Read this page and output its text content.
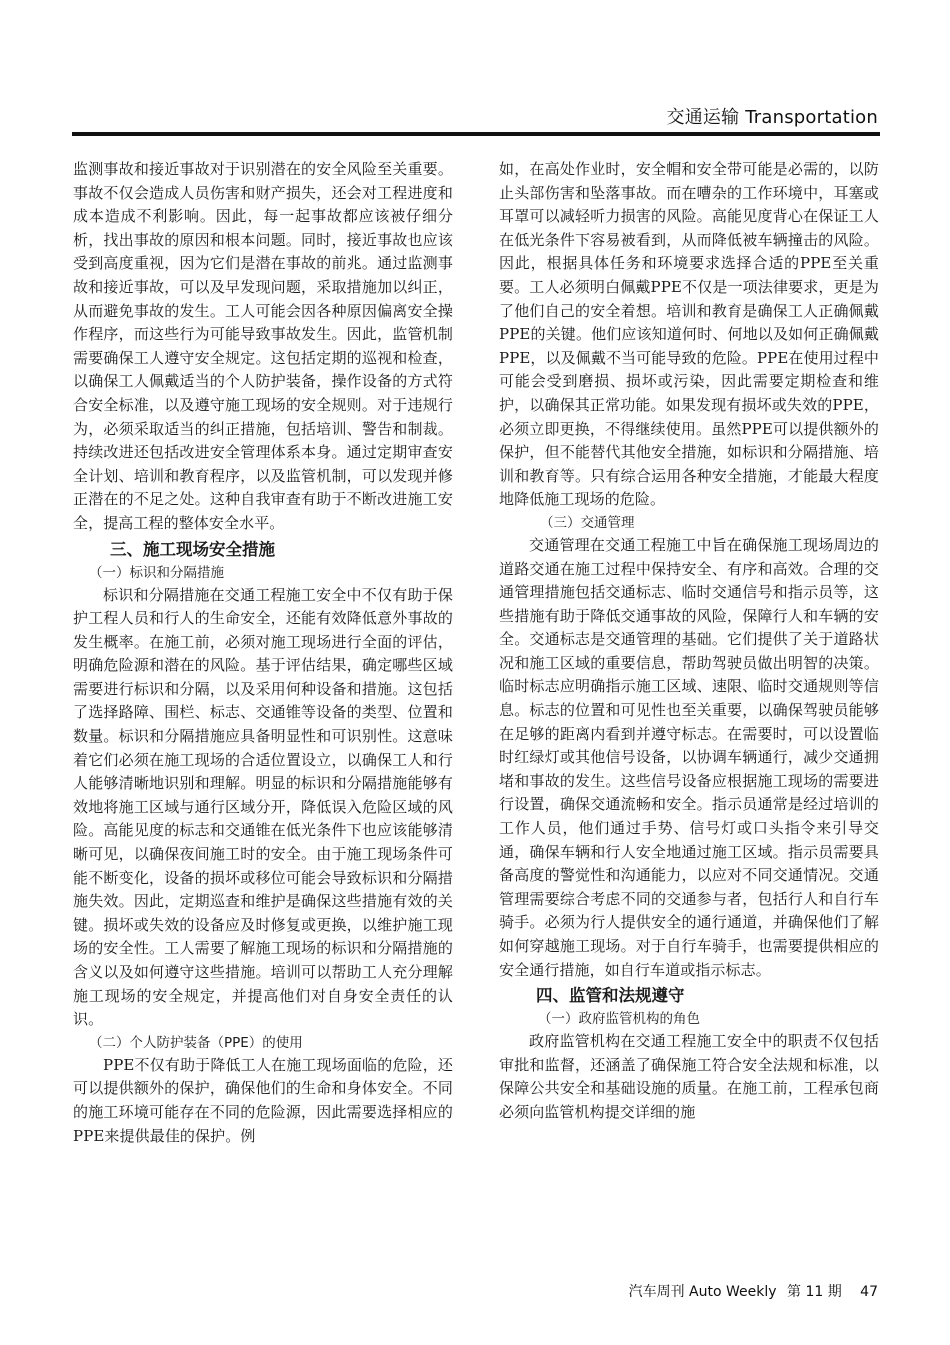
交通运输 Transportation

监测事故和接近事故对于识别潜在的安全风险至关重要。事故不仅会造成人员伤害和财产损失，还会对工程进度和成本造成不利影响。因此，每一起事故都应该被仔细分析，找出事故的原因和根本问题。同时，接近事故也应该受到高度重视，因为它们是潜在事故的前兆。通过监测事故和接近事故，可以及早发现问题，采取措施加以纠正，从而避免事故的发生。工人可能会因各种原因偏离安全操作程序，而这些行为可能导致事故发生。因此，监管机制需要确保工人遵守安全规定。这包括定期的巡视和检查，以确保工人佩戴适当的个人防护装备，操作设备的方式符合安全标准，以及遵守施工现场的安全规则。对于违规行为，必须采取适当的纠正措施，包括培训、警告和制裁。持续改进还包括改进安全管理体系本身。通过定期审查安全计划、培训和教育程序，以及监管机制，可以发现并修正潜在的不足之处。这种自我审查有助于不断改进施工安全，提高工程的整体安全水平。

三、施工现场安全措施
（一）标识和分隔措施

标识和分隔措施在交通工程施工安全中不仅有助于保护工程人员和行人的生命安全，还能有效降低意外事故的发生概率。在施工前，必须对施工现场进行全面的评估，明确危险源和潜在的风险。基于评估结果，确定哪些区域需要进行标识和分隔，以及采用何种设备和措施。这包括了选择路障、围栏、标志、交通锥等设备的类型、位置和数量。标识和分隔措施应具备明显性和可识别性。这意味着它们必须在施工现场的合适位置设立，以确保工人和行人能够清晰地识别和理解。明显的标识和分隔措施能够有效地将施工区域与通行区域分开，降低误入危险区域的风险。高能见度的标志和交通锥在低光条件下也应该能够清晰可见，以确保夜间施工时的安全。由于施工现场条件可能不断变化，设备的损坏或移位可能会导致标识和分隔措施失效。因此，定期巡查和维护是确保这些措施有效的关键。损坏或失效的设备应及时修复或更换，以维护施工现场的安全性。工人需要了解施工现场的标识和分隔措施的含义以及如何遵守这些措施。培训可以帮助工人充分理解施工现场的安全规定，并提高他们对自身安全责任的认识。

（二）个人防护装备（PPE）的使用

PPE不仅有助于降低工人在施工现场面临的危险，还可以提供额外的保护，确保他们的生命和身体安全。不同的施工环境可能存在不同的危险源，因此需要选择相应的PPE来提供最佳的保护。例

如，在高处作业时，安全帽和安全带可能是必需的，以防止头部伤害和坠落事故。而在嘈杂的工作环境中，耳塞或耳罩可以减轻听力损害的风险。高能见度背心在保证工人在低光条件下容易被看到，从而降低被车辆撞击的风险。因此，根据具体任务和环境要求选择合适的PPE至关重要。工人必须明白佩戴PPE不仅是一项法律要求，更是为了他们自己的安全着想。培训和教育是确保工人正确佩戴PPE的关键。他们应该知道何时、何地以及如何正确佩戴PPE，以及佩戴不当可能导致的危险。PPE在使用过程中可能会受到磨损、损坏或污染，因此需要定期检查和维护，以确保其正常功能。如果发现有损坏或失效的PPE，必须立即更换，不得继续使用。虽然PPE可以提供额外的保护，但不能替代其他安全措施，如标识和分隔措施、培训和教育等。只有综合运用各种安全措施，才能最大程度地降低施工现场的危险。

（三）交通管理

交通管理在交通工程施工中旨在确保施工现场周边的道路交通在施工过程中保持安全、有序和高效。合理的交通管理措施包括交通标志、临时交通信号和指示员等，这些措施有助于降低交通事故的风险，保障行人和车辆的安全。交通标志是交通管理的基础。它们提供了关于道路状况和施工区域的重要信息，帮助驾驶员做出明智的决策。临时标志应明确指示施工区域、速限、临时交通规则等信息。标志的位置和可见性也至关重要，以确保驾驶员能够在足够的距离内看到并遵守标志。在需要时，可以设置临时红绿灯或其他信号设备，以协调车辆通行，减少交通拥堵和事故的发生。这些信号设备应根据施工现场的需要进行设置，确保交通流畅和安全。指示员通常是经过培训的工作人员，他们通过手势、信号灯或口头指令来引导交通，确保车辆和行人安全地通过施工区域。指示员需要具备高度的警觉性和沟通能力，以应对不同交通情况。交通管理需要综合考虑不同的交通参与者，包括行人和自行车骑手。必须为行人提供安全的通行通道，并确保他们了解如何穿越施工现场。对于自行车骑手，也需要提供相应的安全通行措施，如自行车道或指示标志。

四、监管和法规遵守
（一）政府监管机构的角色

政府监管机构在交通工程施工安全中的职责不仅包括审批和监督，还涵盖了确保施工符合安全法规和标准，以保障公共安全和基础设施的质量。在施工前，工程承包商必须向监管机构提交详细的施

汽车周刊 Auto Weekly 第 11 期 47
